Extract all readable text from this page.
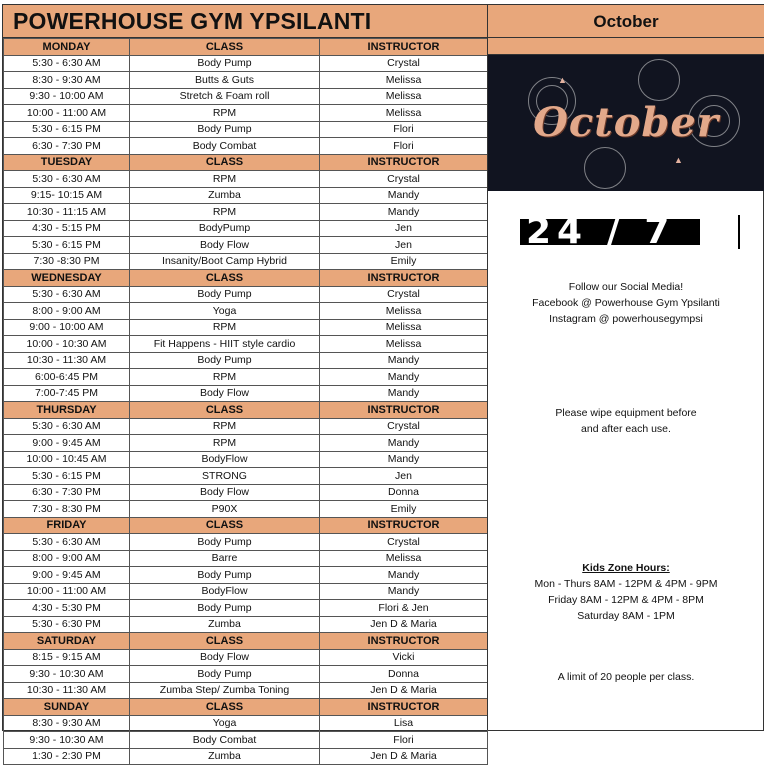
POWERHOUSE GYM YPSILANTI
MONDAY	CLASS	INSTRUCTOR
5:30 - 6:30 AM	Body Pump	Crystal
8:30 - 9:30 AM	Butts & Guts	Melissa
9:30 - 10:00 AM	Stretch & Foam roll	Melissa
10:00 - 11:00 AM	RPM	Melissa
5:30 - 6:15 PM	Body Pump	Flori
6:30 - 7:30 PM	Body Combat	Flori
TUESDAY	CLASS	INSTRUCTOR
5:30 - 6:30 AM	RPM	Crystal
9:15- 10:15 AM	Zumba	Mandy
10:30 - 11:15 AM	RPM	Mandy
4:30 - 5:15 PM	BodyPump	Jen
5:30 - 6:15 PM	Body Flow	Jen
7:30 -8:30 PM	Insanity/Boot Camp Hybrid	Emily
WEDNESDAY	CLASS	INSTRUCTOR
5:30 - 6:30 AM	Body Pump	Crystal
8:00 - 9:00 AM	Yoga	Melissa
9:00 - 10:00 AM	RPM	Melissa
10:00 - 10:30 AM	Fit Happens - HIIT style cardio	Melissa
10:30 - 11:30 AM	Body Pump	Mandy
6:00-6:45 PM	RPM	Mandy
7:00-7:45 PM	Body Flow	Mandy
THURSDAY	CLASS	INSTRUCTOR
5:30 - 6:30 AM	RPM	Crystal
9:00 - 9:45 AM	RPM	Mandy
10:00 - 10:45 AM	BodyFlow	Mandy
5:30 - 6:15 PM	STRONG	Jen
6:30 - 7:30 PM	Body Flow	Donna
7:30 - 8:30 PM	P90X	Emily
FRIDAY	CLASS	INSTRUCTOR
5:30 - 6:30 AM	Body Pump	Crystal
8:00 - 9:00 AM	Barre	Melissa
9:00 - 9:45 AM	Body Pump	Mandy
10:00 - 11:00 AM	BodyFlow	Mandy
4:30 - 5:30 PM	Body Pump	Flori & Jen
5:30 - 6:30 PM	Zumba	Jen D & Maria
SATURDAY	CLASS	INSTRUCTOR
8:15 - 9:15 AM	Body Flow	Vicki
9:30 - 10:30 AM	Body Pump	Donna
10:30 - 11:30 AM	Zumba Step/ Zumba Toning	Jen D & Maria
SUNDAY	CLASS	INSTRUCTOR
8:30 - 9:30 AM	Yoga	Lisa
9:30 - 10:30 AM	Body Combat	Flori
1:30 - 2:30 PM	Zumba	Jen D & Maria
October
▲
▲
October
24 / 7
Follow our Social Media!
Facebook @ Powerhouse Gym Ypsilanti
Instagram @ powerhousegympsi
Please wipe equipment before
and after each use.
Kids Zone Hours:
Mon - Thurs 8AM - 12PM & 4PM - 9PM
Friday 8AM - 12PM & 4PM - 8PM
Saturday 8AM - 1PM
A limit of 20 people per class.
